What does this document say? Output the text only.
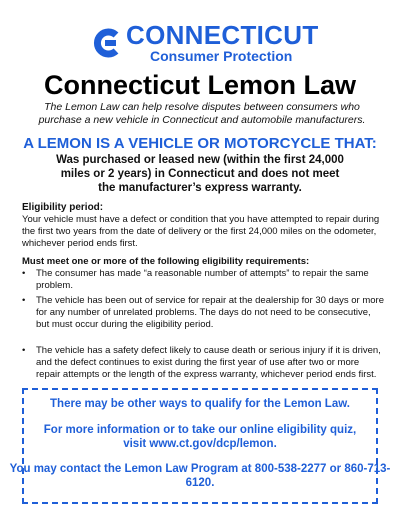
CONNECTICUT
Consumer Protection
Connecticut Lemon Law
The Lemon Law can help resolve disputes between consumers who purchase a new vehicle in Connecticut and automobile manufacturers.
A LEMON IS A VEHICLE OR MOTORCYCLE THAT:
Was purchased or leased new (within the first 24,000 miles or 2 years) in Connecticut and does not meet the manufacturer’s express warranty.
Eligibility period:
Your vehicle must have a defect or condition that you have attempted to repair during the first two years from the date of delivery or the first 24,000 miles on the odometer, whichever period ends first.
Must meet one or more of the following eligibility requirements:
•	The consumer has made “a reasonable number of attempts” to repair the same problem.
•	The vehicle has been out of service for repair at the dealership for 30 days or more for any number of unrelated problems. The days do not need to be consecutive, but must occur during the eligibility period.
•	The vehicle has a safety defect likely to cause death or serious injury if it is driven, and the defect continues to exist during the first year of use after two or more repair attempts or the length of the express warranty, whichever period ends first.
There may be other ways to qualify for the Lemon Law.
For more information or to take our online eligibility quiz, visit www.ct.gov/dcp/lemon.
You may contact the Lemon Law Program at 800-538-2277 or 860-713-6120.
